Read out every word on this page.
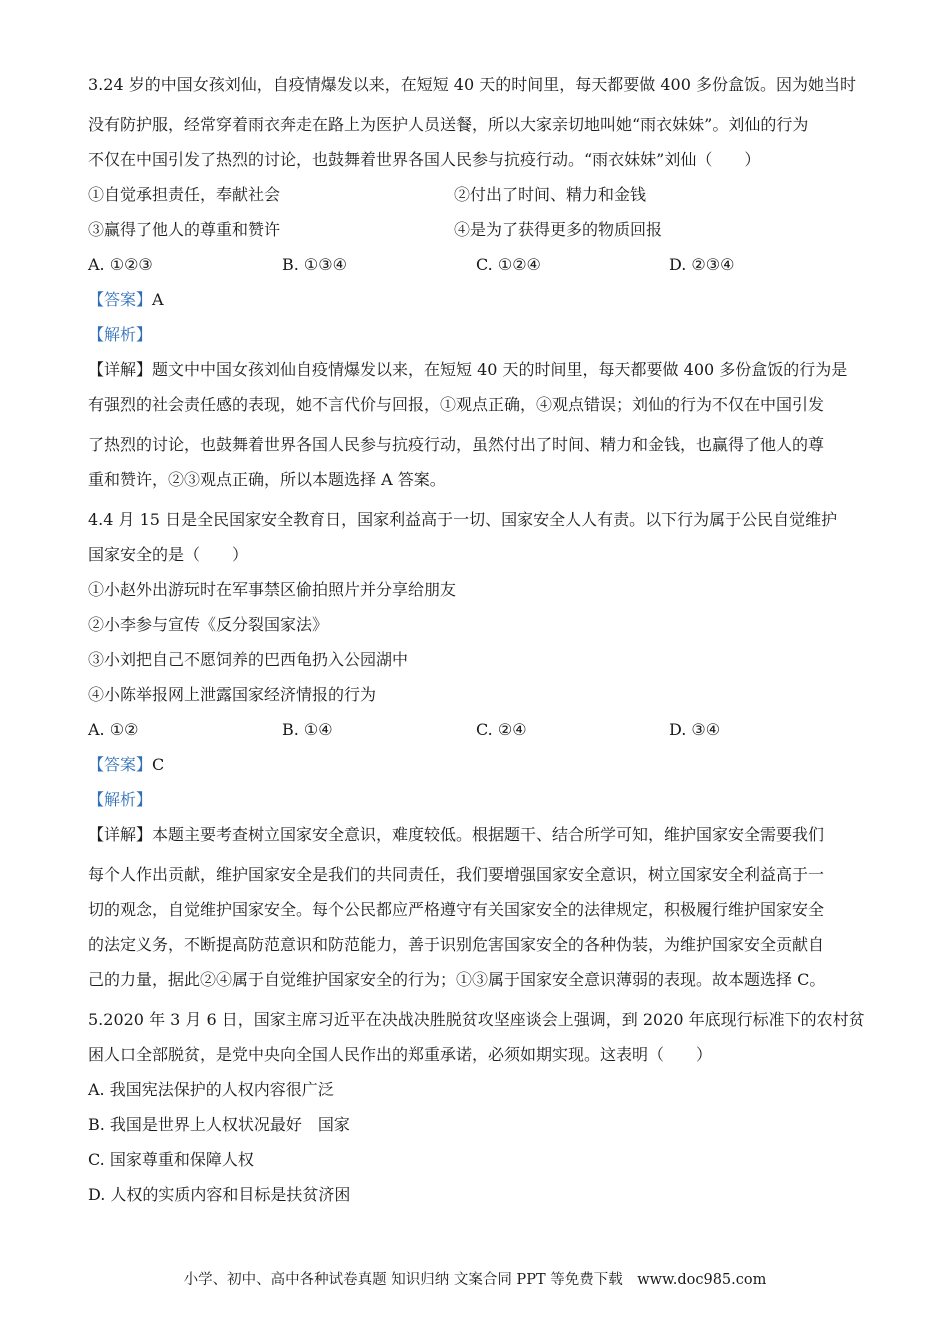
3.24 岁的中国女孩刘仙，自疫情爆发以来，在短短 40 天的时间里，每天都要做 400 多份盒饭。因为她当时
没有防护服，经常穿着雨衣奔走在路上为医护人员送餐，所以大家亲切地叫她“雨衣妹妹”。刘仙的行为
不仅在中国引发了热烈的讨论，也鼓舞着世界各国人民参与抗疫行动。“雨衣妹妹”刘仙（　　）
①自觉承担责任，奉献社会	②付出了时间、精力和金钱
③赢得了他人的尊重和赞许	④是为了获得更多的物质回报
A. ①②③	B. ①③④	C. ①②④	D. ②③④
【答案】A
【解析】
【详解】题文中中国女孩刘仙自疫情爆发以来，在短短 40 天的时间里，每天都要做 400 多份盒饭的行为是
有强烈的社会责任感的表现，她不言代价与回报，①观点正确，④观点错误；刘仙的行为不仅在中国引发
了热烈的讨论，也鼓舞着世界各国人民参与抗疫行动，虽然付出了时间、精力和金钱，也赢得了他人的尊
重和赞许，②③观点正确，所以本题选择 A 答案。
4.4 月 15 日是全民国家安全教育日，国家利益高于一切、国家安全人人有责。以下行为属于公民自觉维护
国家安全的是（　　）
①小赵外出游玩时在军事禁区偷拍照片并分享给朋友
②小李参与宣传《反分裂国家法》
③小刘把自己不愿饲养的巴西龟扔入公园湖中
④小陈举报网上泄露国家经济情报的行为
A. ①②	B. ①④	C. ②④	D. ③④
【答案】C
【解析】
【详解】本题主要考查树立国家安全意识，难度较低。根据题干、结合所学可知，维护国家安全需要我们
每个人作出贡献，维护国家安全是我们的共同责任，我们要增强国家安全意识，树立国家安全利益高于一
切的观念，自觉维护国家安全。每个公民都应严格遵守有关国家安全的法律规定，积极履行维护国家安全
的法定义务，不断提高防范意识和防范能力，善于识别危害国家安全的各种伪装，为维护国家安全贡献自
己的力量，据此②④属于自觉维护国家安全的行为；①③属于国家安全意识薄弱的表现。故本题选择 C。
5.2020 年 3 月 6 日，国家主席习近平在决战决胜脱贫攻坚座谈会上强调，到 2020 年底现行标准下的农村贫
困人口全部脱贫，是党中央向全国人民作出的郑重承诺，必须如期实现。这表明（　　）
A. 我国宪法保护的人权内容很广泛
B. 我国是世界上人权状况最好　国家
C. 国家尊重和保障人权
D. 人权的实质内容和目标是扶贫济困
小学、初中、高中各种试卷真题 知识归纳 文案合同 PPT 等免费下载　www.doc985.com
